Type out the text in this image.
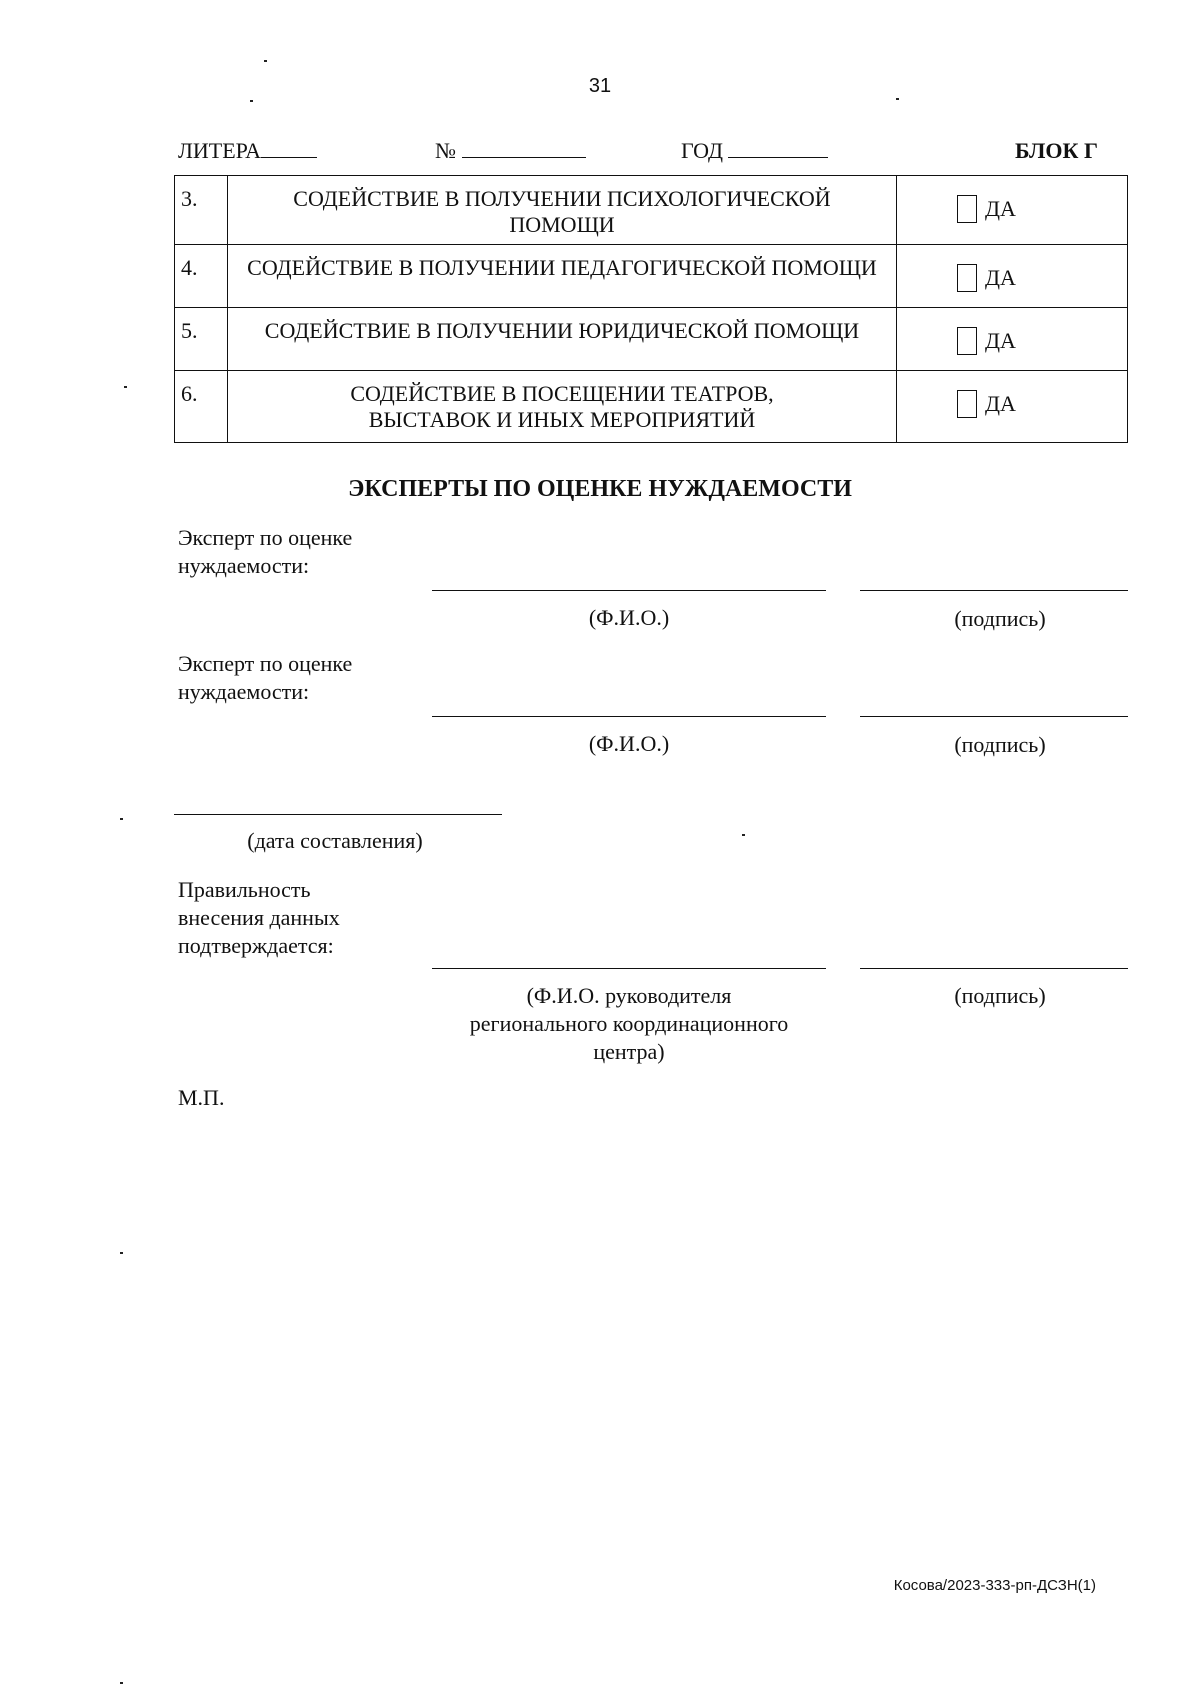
31
ЛИТЕРА	№	ГОД	БЛОК Г
3.	СОДЕЙСТВИЕ В ПОЛУЧЕНИИ ПСИХОЛОГИЧЕСКОЙ ПОМОЩИ	ДА
4.	СОДЕЙСТВИЕ В ПОЛУЧЕНИИ ПЕДАГОГИЧЕСКОЙ ПОМОЩИ	ДА
5.	СОДЕЙСТВИЕ В ПОЛУЧЕНИИ ЮРИДИЧЕСКОЙ ПОМОЩИ	ДА
6.	СОДЕЙСТВИЕ В ПОСЕЩЕНИИ ТЕАТРОВ, ВЫСТАВОК И ИНЫХ МЕРОПРИЯТИЙ	ДА
ЭКСПЕРТЫ ПО ОЦЕНКЕ НУЖДАЕМОСТИ
Эксперт по оценке
нуждаемости:
(Ф.И.О.)	(подпись)
Эксперт по оценке
нуждаемости:
(Ф.И.О.)	(подпись)
(дата составления)
Правильность
внесения данных
подтверждается:
(Ф.И.О. руководителя
регионального координационного
центра)
(подпись)
М.П.
Косова/2023-333-рп-ДСЗН(1)
